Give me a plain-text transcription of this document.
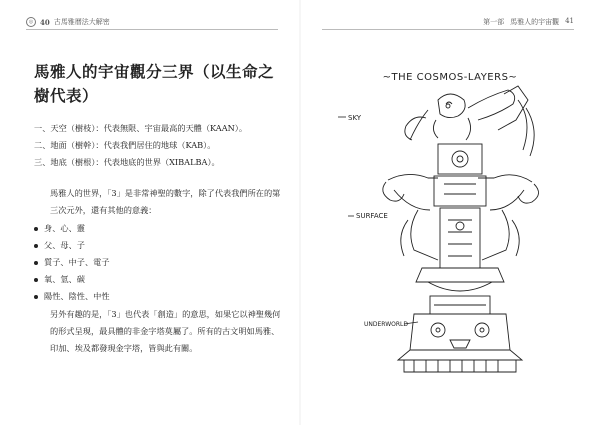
◎ 40 古馬雅曆法大解密	第一部 馬雅人的宇宙觀 41
馬雅人的宇宙觀分三界（以生命之樹代表）
一、天空（樹枝）：代表無限、宇宙最高的天體（KAAN）。
二、地面（樹幹）：代表我們居住的地球（KAB）。
三、地底（樹根）：代表地底的世界（XIBALBA）。
馬雅人的世界，「3」是非常神聖的數字，除了代表我們所在的第三次元外，還有其他的意義：
身、心、靈
父、母、子
質子、中子、電子
氧、氫、碳
陽性、陰性、中性
另外有趣的是，「3」也代表「創造」的意思，如果它以神聖幾何的形式呈現，最具體的非金字塔莫屬了。所有的古文明如馬雅、印加、埃及都發現金字塔，皆與此有關。
~THE COSMOS-LAYERS~
SKY
SURFACE
UNDERWORLD
